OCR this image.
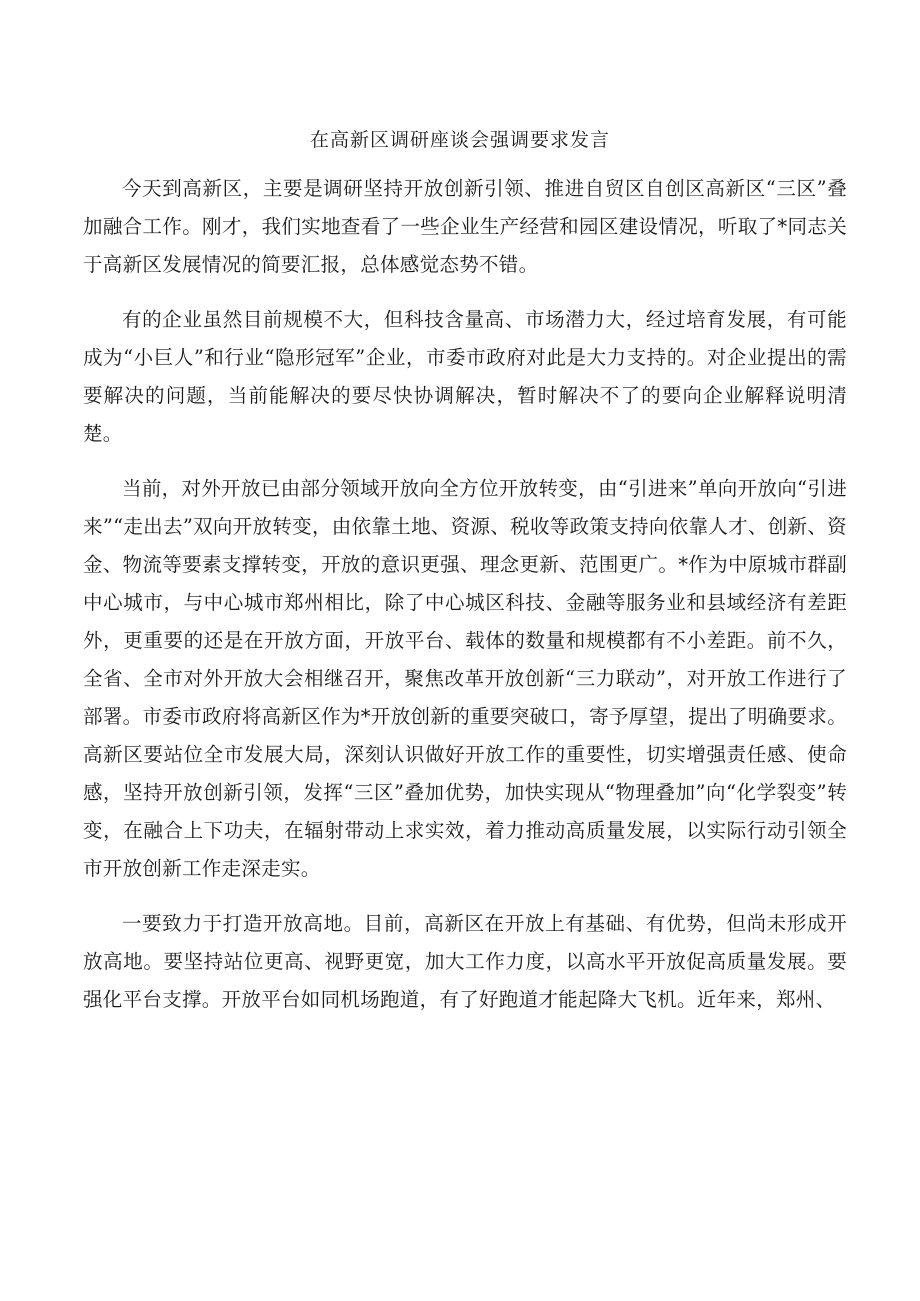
在高新区调研座谈会强调要求发言

今天到高新区，主要是调研坚持开放创新引领、推进自贸区自创区高新区“三区”叠加融合工作。刚才，我们实地查看了一些企业生产经营和园区建设情况，听取了*同志关于高新区发展情况的简要汇报，总体感觉态势不错。

有的企业虽然目前规模不大，但科技含量高、市场潜力大，经过培育发展，有可能成为“小巨人”和行业“隐形冠军”企业，市委市政府对此是大力支持的。对企业提出的需要解决的问题，当前能解决的要尽快协调解决，暂时解决不了的要向企业解释说明清楚。

当前，对外开放已由部分领域开放向全方位开放转变，由“引进来”单向开放向“引进来”“走出去”双向开放转变，由依靠土地、资源、税收等政策支持向依靠人才、创新、资金、物流等要素支撑转变，开放的意识更强、理念更新、范围更广。*作为中原城市群副中心城市，与中心城市郑州相比，除了中心城区科技、金融等服务业和县域经济有差距外，更重要的还是在开放方面，开放平台、载体的数量和规模都有不小差距。前不久，全省、全市对外开放大会相继召开，聚焦改革开放创新“三力联动”，对开放工作进行了部署。市委市政府将高新区作为*开放创新的重要突破口，寄予厚望，提出了明确要求。高新区要站位全市发展大局，深刻认识做好开放工作的重要性，切实增强责任感、使命感，坚持开放创新引领，发挥“三区”叠加优势，加快实现从“物理叠加”向“化学裂变”转变，在融合上下功夫，在辐射带动上求实效，着力推动高质量发展，以实际行动引领全市开放创新工作走深走实。

一要致力于打造开放高地。目前，高新区在开放上有基础、有优势，但尚未形成开放高地。要坚持站位更高、视野更宽，加大工作力度，以高水平开放促高质量发展。要强化平台支撑。开放平台如同机场跑道，有了好跑道才能起降大飞机。近年来，郑州、
